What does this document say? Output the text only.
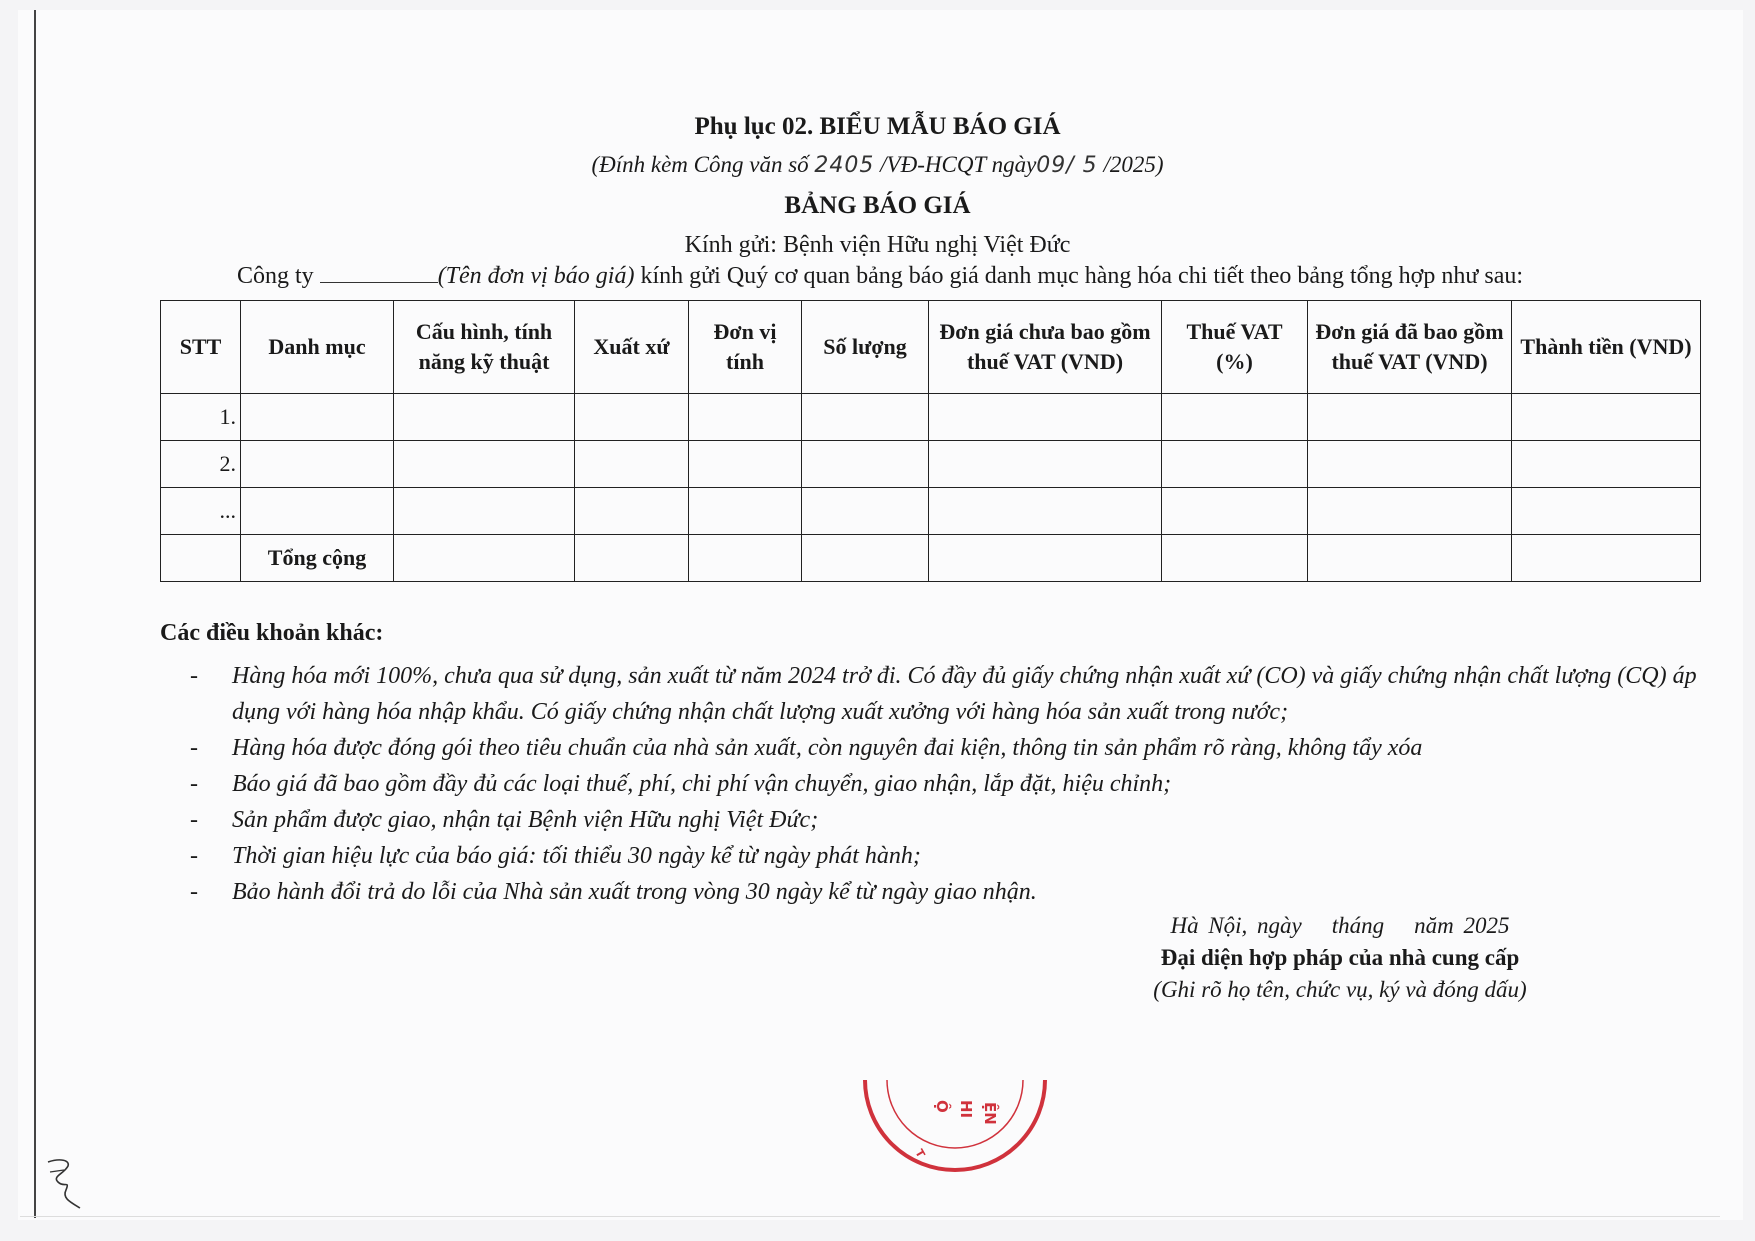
Phụ lục 02. BIỂU MẪU BÁO GIÁ
(Đính kèm Công văn số 2405 /VĐ-HCQT ngày09/ 5 /2025)
BẢNG BÁO GIÁ
Kính gửi: Bệnh viện Hữu nghị Việt Đức
Công ty	(Tên đơn vị báo giá) kính gửi Quý cơ quan bảng báo giá danh mục hàng hóa chi tiết theo bảng tổng hợp như sau:
STT	Danh mục	Cấu hình, tính năng kỹ thuật	Xuất xứ	Đơn vị tính	Số lượng	Đơn giá chưa bao gồm thuế VAT (VND)	Thuế VAT (%)	Đơn giá đã bao gồm thuế VAT (VND)	Thành tiền (VND)
1.									
2.									
...									
	Tổng cộng								
Các điều khoản khác:
- Hàng hóa mới 100%, chưa qua sử dụng, sản xuất từ năm 2024 trở đi. Có đầy đủ giấy chứng nhận xuất xứ (CO) và giấy chứng nhận chất lượng (CQ) áp dụng với hàng hóa nhập khẩu. Có giấy chứng nhận chất lượng xuất xưởng với hàng hóa sản xuất trong nước;
- Hàng hóa được đóng gói theo tiêu chuẩn của nhà sản xuất, còn nguyên đai kiện, thông tin sản phẩm rõ ràng, không tẩy xóa
- Báo giá đã bao gồm đầy đủ các loại thuế, phí, chi phí vận chuyển, giao nhận, lắp đặt, hiệu chỉnh;
- Sản phẩm được giao, nhận tại Bệnh viện Hữu nghị Việt Đức;
- Thời gian hiệu lực của báo giá: tối thiểu 30 ngày kể từ ngày phát hành;
- Bảo hành đổi trả do lỗi của Nhà sản xuất trong vòng 30 ngày kể từ ngày giao nhận.
Hà Nội, ngày tháng năm 2025
Đại diện hợp pháp của nhà cung cấp
(Ghi rõ họ tên, chức vụ, ký và đóng dấu)
ỆN
HI
Ộ
T
